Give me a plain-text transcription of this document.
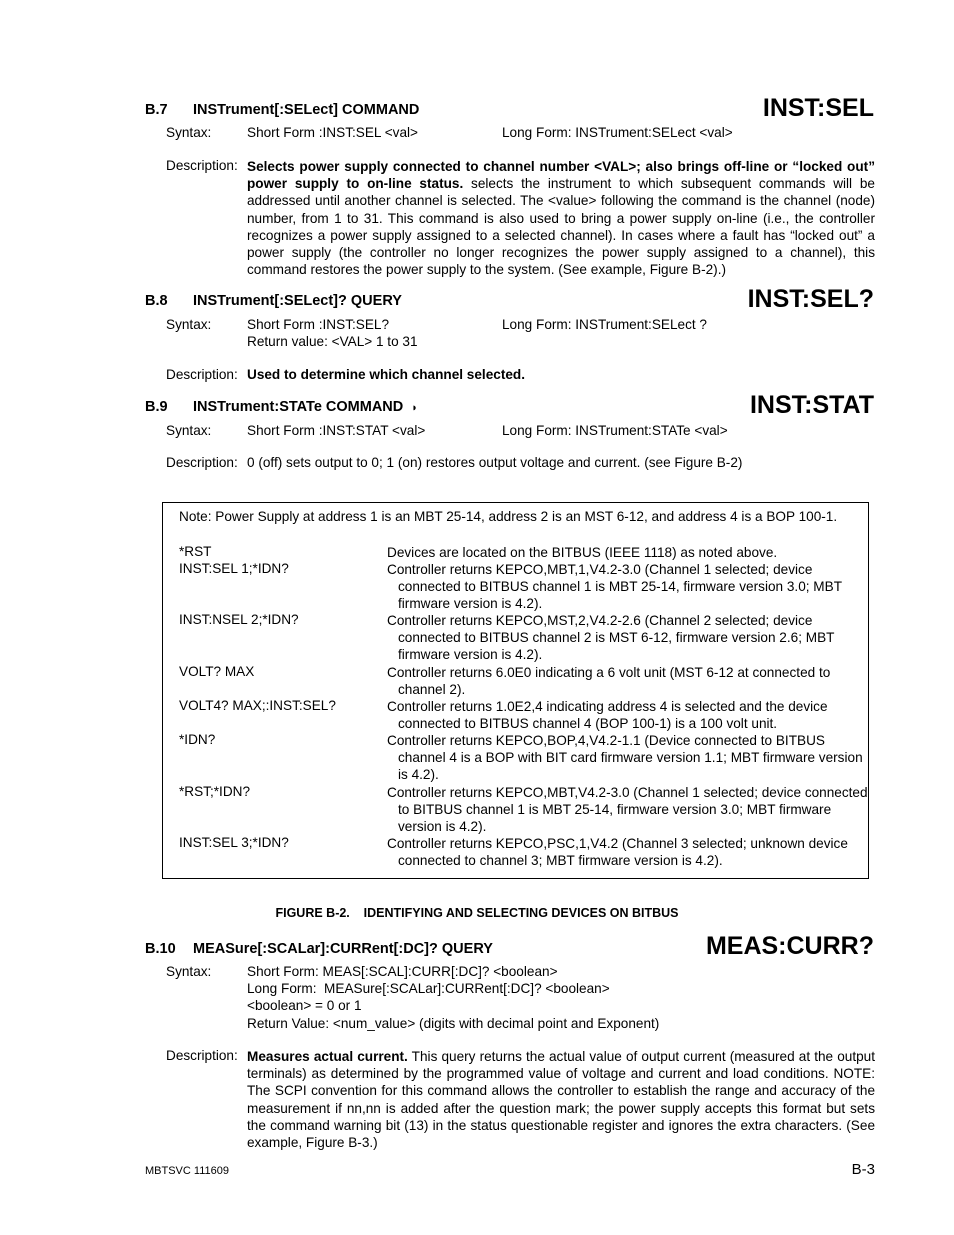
B.7 INSTrument[:SELect] COMMAND	INST:SEL
Syntax:	Short Form :INST:SEL <val>	Long Form: INSTrument:SELect <val>
Description: Selects power supply connected to channel number <VAL>; also brings off-line or “locked out” power supply to on-line status. selects the instrument to which subsequent commands will be addressed until another channel is selected. The <value> following the command is the channel (node) number, from 1 to 31. This command is also used to bring a power supply on-line (i.e., the controller recognizes a power supply assigned to a selected channel). In cases where a fault has “locked out” a power supply (the controller no longer recognizes the power supply assigned to a channel), this command restores the power supply to the system. (See example, Figure B-2).)
B.8 INSTrument[:SELect]? QUERY	INST:SEL?
Syntax:	Short Form :INST:SEL?	Long Form: INSTrument:SELect ?
Return value: <VAL> 1 to 31
Description: Used to determine which channel selected.
B.9 INSTrument:STATe COMMAND ◗	INST:STAT
Syntax:	Short Form :INST:STAT <val>	Long Form: INSTrument:STATe <val>
Description: 0 (off) sets output to 0; 1 (on) restores output voltage and current. (see Figure B-2)
Note: Power Supply at address 1 is an MBT 25-14, address 2 is an MST 6-12, and address 4 is a BOP 100-1.
*RST	Devices are located on the BITBUS (IEEE 1118) as noted above.
INST:SEL 1;*IDN?	Controller returns KEPCO,MBT,1,V4.2-3.0 (Channel 1 selected; device connected to BITBUS channel 1 is MBT 25-14, firmware version 3.0; MBT firmware version is 4.2).
INST:NSEL 2;*IDN?	Controller returns KEPCO,MST,2,V4.2-2.6 (Channel 2 selected; device connected to BITBUS channel 2 is MST 6-12, firmware version 2.6; MBT firmware version is 4.2).
VOLT? MAX	Controller returns 6.0E0 indicating a 6 volt unit (MST 6-12 at connected to channel 2).
VOLT4? MAX;:INST:SEL?	Controller returns 1.0E2,4 indicating address 4 is selected and the device connected to BITBUS channel 4 (BOP 100-1) is a 100 volt unit.
*IDN?	Controller returns KEPCO,BOP,4,V4.2-1.1 (Device connected to BITBUS channel 4 is a BOP with BIT card firmware version 1.1; MBT firmware version is 4.2).
*RST;*IDN?	Controller returns KEPCO,MBT,V4.2-3.0 (Channel 1 selected; device connected to BITBUS channel 1 is MBT 25-14, firmware version 3.0; MBT firmware version is 4.2).
INST:SEL 3;*IDN?	Controller returns KEPCO,PSC,1,V4.2 (Channel 3 selected; unknown device connected to channel 3; MBT firmware version is 4.2).
FIGURE B-2.    IDENTIFYING AND SELECTING DEVICES ON BITBUS
B.10 MEASure[:SCALar]:CURRent[:DC]? QUERY	MEAS:CURR?
Syntax:	Short Form: MEAS[:SCAL]:CURR[:DC]? <boolean>
Long Form:  MEASure[:SCALar]:CURRent[:DC]? <boolean>
<boolean> = 0 or 1
Return Value: <num_value> (digits with decimal point and Exponent)
Description: Measures actual current. This query returns the actual value of output current (measured at the output terminals) as determined by the programmed value of voltage and current and load conditions. NOTE: The SCPI convention for this command allows the controller to establish the range and accuracy of the measurement if nn,nn is added after the question mark; the power supply accepts this format but sets the command warning bit (13) in the status questionable register and ignores the extra characters. (See example, Figure B-3.)
MBTSVC 111609	B-3
